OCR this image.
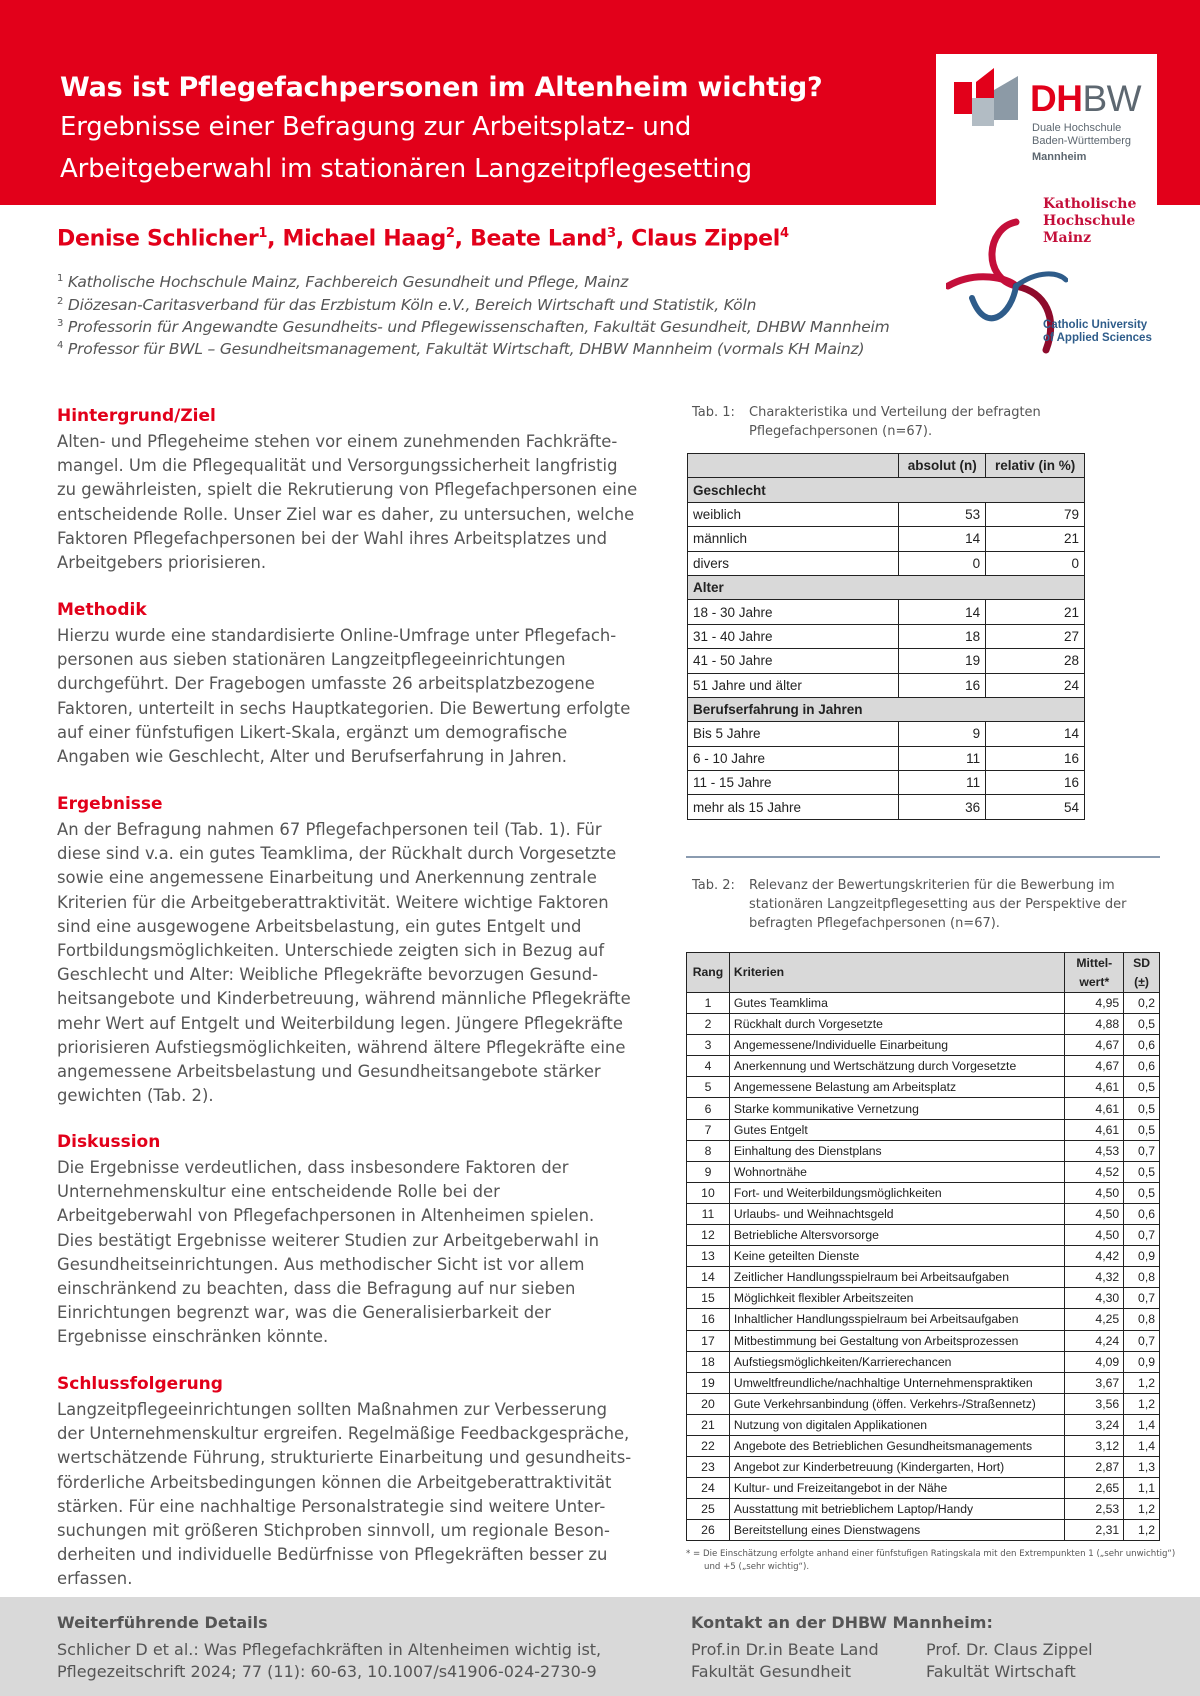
Was ist Pflegefachpersonen im Altenheim wichtig?
Ergebnisse einer Befragung zur Arbeitsplatz- und
Arbeitgeberwahl im stationären Langzeitpflegesetting
DHBW
Duale Hochschule
Baden-Württemberg
Mannheim
Katholische
Hochschule
Mainz
Catholic University
of Applied Sciences
Denise Schlicher$^1$, Michael Haag$^2$, Beate Land$^3$, Claus Zippel$^4$
$^1$ Katholische Hochschule Mainz, Fachbereich Gesundheit und Pflege, Mainz
$^2$ Diözesan-Caritasverband für das Erzbistum Köln e.V., Bereich Wirtschaft und Statistik, Köln
$^3$ Professorin für Angewandte Gesundheits- und Pflegewissenschaften, Fakultät Gesundheit, DHBW Mannheim
$^4$ Professor für BWL – Gesundheitsmanagement, Fakultät Wirtschaft, DHBW Mannheim (vormals KH Mainz)
Hintergrund/Ziel
Alten- und Pflegeheime stehen vor einem zunehmenden Fachkräfte-
mangel. Um die Pflegequalität und Versorgungssicherheit langfristig
zu gewährleisten, spielt die Rekrutierung von Pflegefachpersonen eine
entscheidende Rolle. Unser Ziel war es daher, zu untersuchen, welche
Faktoren Pflegefachpersonen bei der Wahl ihres Arbeitsplatzes und
Arbeitgebers priorisieren.
Methodik
Hierzu wurde eine standardisierte Online-Umfrage unter Pflegefach-
personen aus sieben stationären Langzeitpflegeeinrichtungen
durchgeführt. Der Fragebogen umfasste 26 arbeitsplatzbezogene
Faktoren, unterteilt in sechs Hauptkategorien. Die Bewertung erfolgte
auf einer fünfstufigen Likert-Skala, ergänzt um demografische
Angaben wie Geschlecht, Alter und Berufserfahrung in Jahren.
Ergebnisse
An der Befragung nahmen 67 Pflegefachpersonen teil (Tab. 1). Für
diese sind v.a. ein gutes Teamklima, der Rückhalt durch Vorgesetzte
sowie eine angemessene Einarbeitung und Anerkennung zentrale
Kriterien für die Arbeitgeberattraktivität. Weitere wichtige Faktoren
sind eine ausgewogene Arbeitsbelastung, ein gutes Entgelt und
Fortbildungsmöglichkeiten. Unterschiede zeigten sich in Bezug auf
Geschlecht und Alter: Weibliche Pflegekräfte bevorzugen Gesund-
heitsangebote und Kinderbetreuung, während männliche Pflegekräfte
mehr Wert auf Entgelt und Weiterbildung legen. Jüngere Pflegekräfte
priorisieren Aufstiegsmöglichkeiten, während ältere Pflegekräfte eine
angemessene Arbeitsbelastung und Gesundheitsangebote stärker
gewichten (Tab. 2).
Diskussion
Die Ergebnisse verdeutlichen, dass insbesondere Faktoren der
Unternehmenskultur eine entscheidende Rolle bei der
Arbeitgeberwahl von Pflegefachpersonen in Altenheimen spielen.
Dies bestätigt Ergebnisse weiterer Studien zur Arbeitgeberwahl in
Gesundheitseinrichtungen. Aus methodischer Sicht ist vor allem
einschränkend zu beachten, dass die Befragung auf nur sieben
Einrichtungen begrenzt war, was die Generalisierbarkeit der
Ergebnisse einschränken könnte.
Schlussfolgerung
Langzeitpflegeeinrichtungen sollten Maßnahmen zur Verbesserung
der Unternehmenskultur ergreifen. Regelmäßige Feedbackgespräche,
wertschätzende Führung, strukturierte Einarbeitung und gesundheits-
förderliche Arbeitsbedingungen können die Arbeitgeberattraktivität
stärken. Für eine nachhaltige Personalstrategie sind weitere Unter-
suchungen mit größeren Stichproben sinnvoll, um regionale Beson-
derheiten und individuelle Bedürfnisse von Pflegekräften besser zu
erfassen.
Tab. 1: Charakteristika und Verteilung der befragten
Pflegefachpersonen (n=67).
	absolut (n)	relativ (in %)
Geschlecht		
weiblich	53	79
männlich	14	21
divers	0	0
Alter		
18 - 30 Jahre	14	21
31 - 40 Jahre	18	27
41 - 50 Jahre	19	28
51 Jahre und älter	16	24
Berufserfahrung in Jahren		
Bis 5 Jahre	9	14
6 - 10 Jahre	11	16
11 - 15 Jahre	11	16
mehr als 15 Jahre	36	54
Tab. 2: Relevanz der Bewertungskriterien für die Bewerbung im
stationären Langzeitpflegesetting aus der Perspektive der
befragten Pflegefachpersonen (n=67).
Rang	Kriterien	Mittel-
wert*	SD
(±)
1	Gutes Teamklima	4,95	0,2
2	Rückhalt durch Vorgesetzte	4,88	0,5
3	Angemessene/Individuelle Einarbeitung	4,67	0,6
4	Anerkennung und Wertschätzung durch Vorgesetzte	4,67	0,6
5	Angemessene Belastung am Arbeitsplatz	4,61	0,5
6	Starke kommunikative Vernetzung	4,61	0,5
7	Gutes Entgelt	4,61	0,5
8	Einhaltung des Dienstplans	4,53	0,7
9	Wohnortnähe	4,52	0,5
10	Fort- und Weiterbildungsmöglichkeiten	4,50	0,5
11	Urlaubs- und Weihnachtsgeld	4,50	0,6
12	Betriebliche Altersvorsorge	4,50	0,7
13	Keine geteilten Dienste	4,42	0,9
14	Zeitlicher Handlungsspielraum bei Arbeitsaufgaben	4,32	0,8
15	Möglichkeit flexibler Arbeitszeiten	4,30	0,7
16	Inhaltlicher Handlungsspielraum bei Arbeitsaufgaben	4,25	0,8
17	Mitbestimmung bei Gestaltung von Arbeitsprozessen	4,24	0,7
18	Aufstiegsmöglichkeiten/Karrierechancen	4,09	0,9
19	Umweltfreundliche/nachhaltige Unternehmenspraktiken	3,67	1,2
20	Gute Verkehrsanbindung (öffen. Verkehrs-/Straßennetz)	3,56	1,2
21	Nutzung von digitalen Applikationen	3,24	1,4
22	Angebote des Betrieblichen Gesundheitsmanagements	3,12	1,4
23	Angebot zur Kinderbetreuung (Kindergarten, Hort)	2,87	1,3
24	Kultur- und Freizeitangebot in der Nähe	2,65	1,1
25	Ausstattung mit betrieblichem Laptop/Handy	2,53	1,2
26	Bereitstellung eines Dienstwagens	2,31	1,2
* = Die Einschätzung erfolgte anhand einer fünfstufigen Ratingskala mit den Extrempunkten 1 („sehr unwichtig“)
und +5 („sehr wichtig“).
Weiterführende Details
Schlicher D et al.: Was Pflegefachkräften in Altenheimen wichtig ist,
Pflegezeitschrift 2024; 77 (11): 60-63, 10.1007/s41906-024-2730-9
Kontakt an der DHBW Mannheim:
Prof.in Dr.in Beate Land
Fakultät Gesundheit
Prof. Dr. Claus Zippel
Fakultät Wirtschaft
